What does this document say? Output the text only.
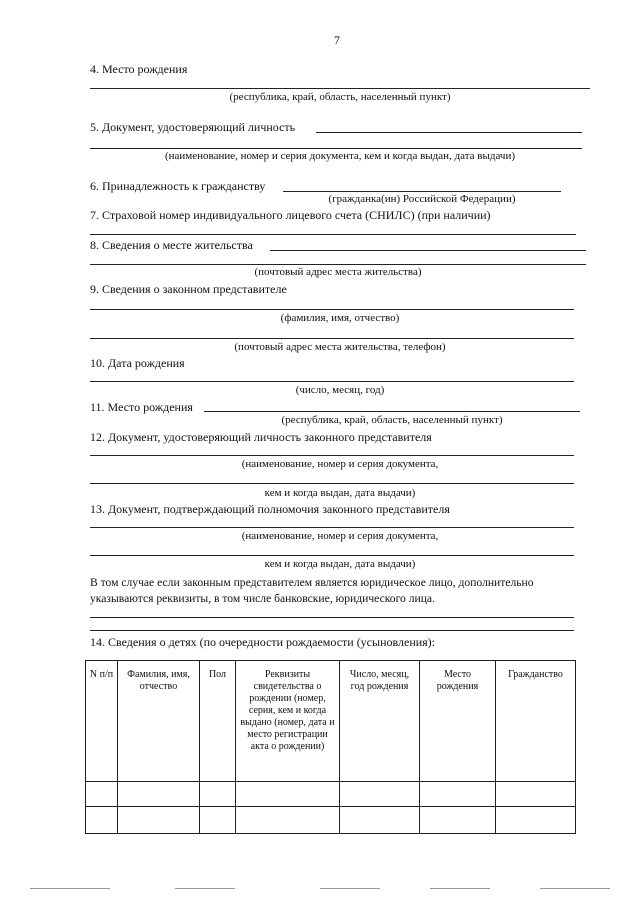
7
4. Место рождения
(республика, край, область, населенный пункт)
5. Документ, удостоверяющий личность
(наименование, номер и серия документа, кем и когда выдан, дата выдачи)
6. Принадлежность к гражданству
(гражданка(ин) Российской Федерации)
7. Страховой номер индивидуального лицевого счета (СНИЛС) (при наличии)
8. Сведения о месте жительства
(почтовый адрес места жительства)
9. Сведения о законном представителе
(фамилия, имя, отчество)
(почтовый адрес места жительства, телефон)
10. Дата рождения
(число, месяц, год)
11. Место рождения
(республика, край, область, населенный пункт)
12. Документ, удостоверяющий личность законного представителя
(наименование, номер и серия документа,
кем и когда выдан, дата выдачи)
13. Документ, подтверждающий полномочия законного представителя
(наименование, номер и серия документа,
кем и когда выдан, дата выдачи)
В том случае если законным представителем является юридическое лицо, дополнительно
указываются реквизиты, в том числе банковские, юридического лица.
14. Сведения о детях (по очередности рождаемости (усыновления):
N п/п	Фамилия, имя, отчество	Пол	Реквизиты свидетельства о рождении (номер, серия, кем и когда выдано (номер, дата и место регистрации акта о рождении)	Число, месяц, год рождения	Место рождения	Гражданство
